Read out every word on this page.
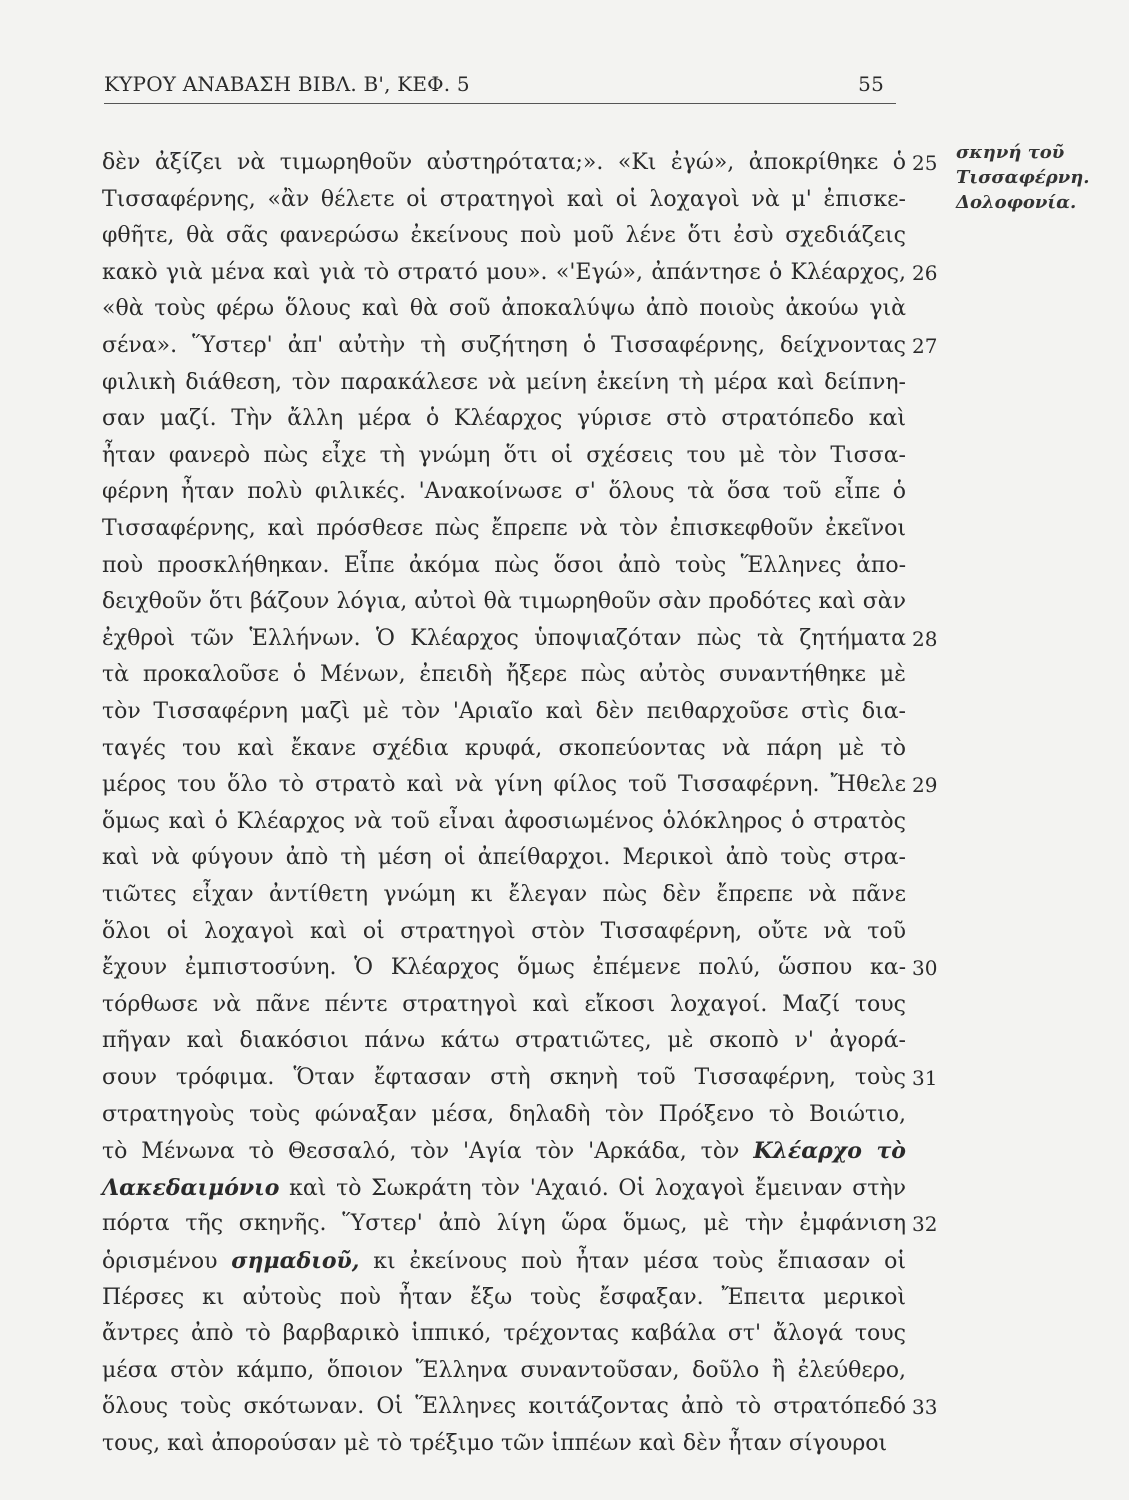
ΚΥΡΟΥ ΑΝΑΒΑΣΗ ΒΙΒΛ. Β', ΚΕΦ. 5	55
δὲν ἀξίζει νὰ τιμωρηθοῦν αὐστηρότατα;». «Κι ἐγώ», ἀποκρίθηκε ὁ 25
Τισσαφέρνης, «ἂν θέλετε οἱ στρατηγοὶ καὶ οἱ λοχαγοὶ νὰ μ' ἐπισκε-
φθῆτε, θὰ σᾶς φανερώσω ἐκείνους ποὺ μοῦ λένε ὅτι ἐσὺ σχεδιάζεις
κακὸ γιὰ μένα καὶ γιὰ τὸ στρατό μου». «'Εγώ», ἀπάντησε ὁ Κλέαρχος, 26
«θὰ τοὺς φέρω ὅλους καὶ θὰ σοῦ ἀποκαλύψω ἀπὸ ποιοὺς ἀκούω γιὰ
σένα». Ὕστερ' ἀπ' αὐτὴν τὴ συζήτηση ὁ Τισσαφέρνης, δείχνοντας 27
φιλικὴ διάθεση, τὸν παρακάλεσε νὰ μείνη ἐκείνη τὴ μέρα καὶ δείπνη-
σαν μαζί. Τὴν ἄλλη μέρα ὁ Κλέαρχος γύρισε στὸ στρατόπεδο καὶ
ἦταν φανερὸ πὼς εἶχε τὴ γνώμη ὅτι οἱ σχέσεις του μὲ τὸν Τισσα-
φέρνη ἦταν πολὺ φιλικές. 'Ανακοίνωσε σ' ὅλους τὰ ὅσα τοῦ εἶπε ὁ
Τισσαφέρνης, καὶ πρόσθεσε πὼς ἔπρεπε νὰ τὸν ἐπισκεφθοῦν ἐκεῖνοι
ποὺ προσκλήθηκαν. Εἶπε ἀκόμα πὼς ὅσοι ἀπὸ τοὺς Ἕλληνες ἀπο-
δειχθοῦν ὅτι βάζουν λόγια, αὐτοὶ θὰ τιμωρηθοῦν σὰν προδότες καὶ σὰν
ἐχθροὶ τῶν Ἑλλήνων. Ὁ Κλέαρχος ὑποψιαζόταν πὼς τὰ ζητήματα 28
τὰ προκαλοῦσε ὁ Μένων, ἐπειδὴ ἤξερε πὼς αὐτὸς συναντήθηκε μὲ
τὸν Τισσαφέρνη μαζὶ μὲ τὸν 'Αριαῖο καὶ δὲν πειθαρχοῦσε στὶς δια-
ταγές του καὶ ἔκανε σχέδια κρυφά, σκοπεύοντας νὰ πάρη μὲ τὸ
μέρος του ὅλο τὸ στρατὸ καὶ νὰ γίνη φίλος τοῦ Τισσαφέρνη. Ἤθελε 29
ὅμως καὶ ὁ Κλέαρχος νὰ τοῦ εἶναι ἀφοσιωμένος ὁλόκληρος ὁ στρατὸς
καὶ νὰ φύγουν ἀπὸ τὴ μέση οἱ ἀπείθαρχοι. Μερικοὶ ἀπὸ τοὺς στρα-
τιῶτες εἶχαν ἀντίθετη γνώμη κι ἔλεγαν πὼς δὲν ἔπρεπε νὰ πᾶνε
ὅλοι οἱ λοχαγοὶ καὶ οἱ στρατηγοὶ στὸν Τισσαφέρνη, οὔτε νὰ τοῦ
ἔχουν ἐμπιστοσύνη. Ὁ Κλέαρχος ὅμως ἐπέμενε πολύ, ὥσπου κα- 30
τόρθωσε νὰ πᾶνε πέντε στρατηγοὶ καὶ εἴκοσι λοχαγοί. Μαζί τους
πῆγαν καὶ διακόσιοι πάνω κάτω στρατιῶτες, μὲ σκοπὸ ν' ἀγορά-
σουν τρόφιμα. Ὅταν ἔφτασαν στὴ σκηνὴ τοῦ Τισσαφέρνη, τοὺς 31
στρατηγοὺς τοὺς φώναξαν μέσα, δηλαδὴ τὸν Πρόξενο τὸ Βοιώτιο,
τὸ Μένωνα τὸ Θεσσαλό, τὸν 'Αγία τὸν 'Αρκάδα, τὸν Κλέαρχο τὸ
Λακεδαιμόνιο καὶ τὸ Σωκράτη τὸν 'Αχαιό. Οἱ λοχαγοὶ ἔμειναν στὴν
πόρτα τῆς σκηνῆς. Ὕστερ' ἀπὸ λίγη ὥρα ὅμως, μὲ τὴν ἐμφάνιση 32
ὁρισμένου σημαδιοῦ, κι ἐκείνους ποὺ ἦταν μέσα τοὺς ἔπιασαν οἱ
Πέρσες κι αὐτοὺς ποὺ ἦταν ἔξω τοὺς ἔσφαξαν. Ἔπειτα μερικοὶ
ἄντρες ἀπὸ τὸ βαρβαρικὸ ἱππικό, τρέχοντας καβάλα στ' ἄλογά τους
μέσα στὸν κάμπο, ὅποιον Ἕλληνα συναντοῦσαν, δοῦλο ἢ ἐλεύθερο,
ὅλους τοὺς σκότωναν. Οἱ Ἕλληνες κοιτάζοντας ἀπὸ τὸ στρατόπεδό 33
τους, καὶ ἀπορούσαν μὲ τὸ τρέξιμο τῶν ἱππέων καὶ δὲν ἦταν σίγουροι
σκηνή τοῦ
Τισσαφέρνη.
Δολοφονία.
